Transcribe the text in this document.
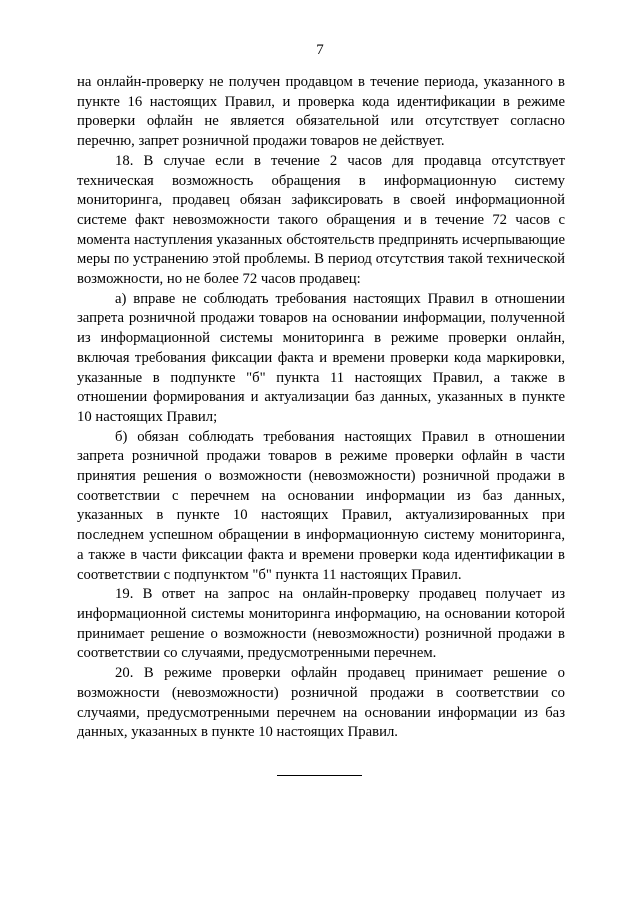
7

на онлайн-проверку не получен продавцом в течение периода, указанного в пункте 16 настоящих Правил, и проверка кода идентификации в режиме проверки офлайн не является обязательной или отсутствует согласно перечню, запрет розничной продажи товаров не действует.

18. В случае если в течение 2 часов для продавца отсутствует техническая возможность обращения в информационную систему мониторинга, продавец обязан зафиксировать в своей информационной системе факт невозможности такого обращения и в течение 72 часов с момента наступления указанных обстоятельств предпринять исчерпывающие меры по устранению этой проблемы. В период отсутствия такой технической возможности, но не более 72 часов продавец:

а) вправе не соблюдать требования настоящих Правил в отношении запрета розничной продажи товаров на основании информации, полученной из информационной системы мониторинга в режиме проверки онлайн, включая требования фиксации факта и времени проверки кода маркировки, указанные в подпункте "б" пункта 11 настоящих Правил, а также в отношении формирования и актуализации баз данных, указанных в пункте 10 настоящих Правил;

б) обязан соблюдать требования настоящих Правил в отношении запрета розничной продажи товаров в режиме проверки офлайн в части принятия решения о возможности (невозможности) розничной продажи в соответствии с перечнем на основании информации из баз данных, указанных в пункте 10 настоящих Правил, актуализированных при последнем успешном обращении в информационную систему мониторинга, а также в части фиксации факта и времени проверки кода идентификации в соответствии с подпунктом "б" пункта 11 настоящих Правил.

19. В ответ на запрос на онлайн-проверку продавец получает из информационной системы мониторинга информацию, на основании которой принимает решение о возможности (невозможности) розничной продажи в соответствии со случаями, предусмотренными перечнем.

20. В режиме проверки офлайн продавец принимает решение о возможности (невозможности) розничной продажи в соответствии со случаями, предусмотренными перечнем на основании информации из баз данных, указанных в пункте 10 настоящих Правил.
